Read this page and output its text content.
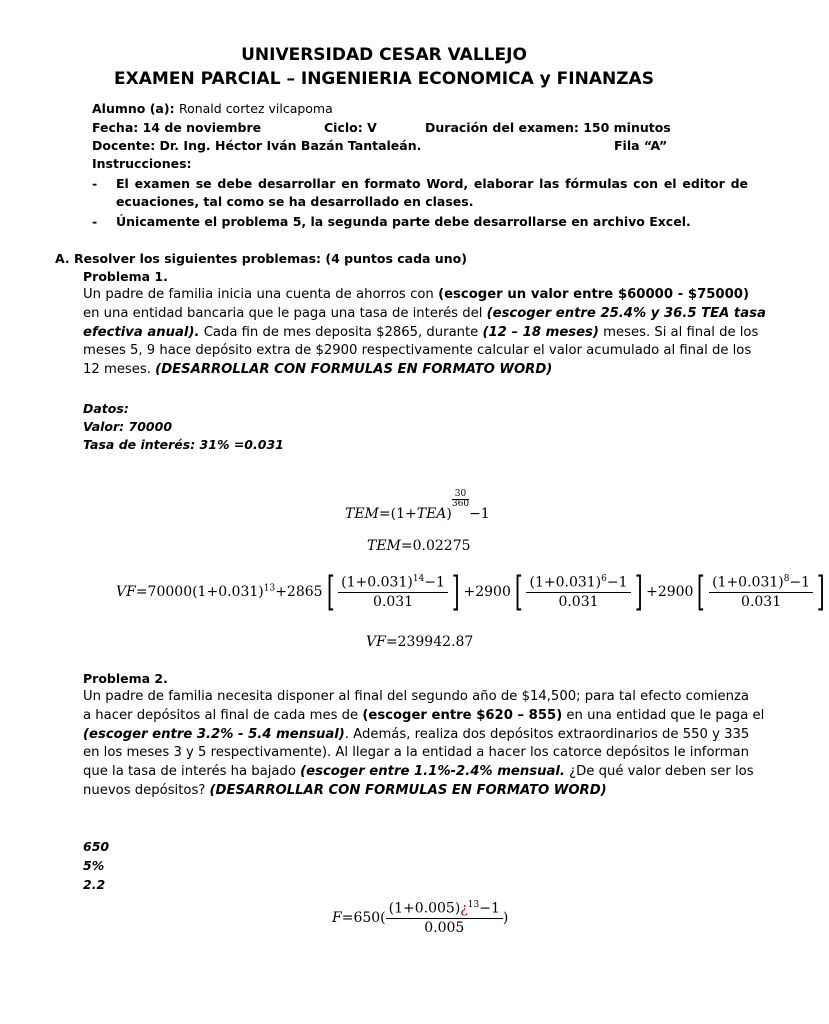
UNIVERSIDAD CESAR VALLEJO
EXAMEN PARCIAL – INGENIERIA ECONOMICA y FINANZAS
Alumno (a): Ronald cortez vilcapoma
Fecha: 14 de noviembre	Ciclo: V	Duración del examen: 150 minutos
Docente: Dr. Ing. Héctor Iván Bazán Tantaleán.	Fila “A”
Instrucciones:
- El examen se debe desarrollar en formato Word, elaborar las fórmulas con el editor de
ecuaciones, tal como se ha desarrollado en clases.
- Únicamente el problema 5, la segunda parte debe desarrollarse en archivo Excel.
A. Resolver los siguientes problemas: (4 puntos cada uno)
Problema 1.
Un padre de familia inicia una cuenta de ahorros con (escoger un valor entre $60000 - $75000)
en una entidad bancaria que le paga una tasa de interés del (escoger entre 25.4% y 36.5 TEA tasa
efectiva anual). Cada fin de mes deposita $2865, durante (12 – 18 meses) meses. Si al final de los
meses 5, 9 hace depósito extra de $2900 respectivamente calcular el valor acumulado al final de los
12 meses. (DESARROLLAR CON FORMULAS EN FORMATO WORD)
Datos:
Valor: 70000
Tasa de interés: 31% =0.031
TEM=(1+TEA)
$\frac{30}{360}$
−1
TEM=0.02275
$VF=70000(1+0.031)^{13}+2865[ \frac{(1+0.031)^{14}-1}{0.031}$ ] $+2900[ \frac{(1+0.031)^6-1}{0.031}$ ] $+2900[ \frac{(1+0.031)^8-1}{0.031}$ ]
VF=239942.87
Problema 2.
Un padre de familia necesita disponer al final del segundo año de $14,500; para tal efecto comienza
a hacer depósitos al final de cada mes de (escoger entre $620 – 855) en una entidad que le paga el
(escoger entre 3.2% - 5.4 mensual). Además, realiza dos depósitos extraordinarios de 550 y 335
en los meses 3 y 5 respectivamente). Al llegar a la entidad a hacer los catorce depósitos le informan
que la tasa de interés ha bajado (escoger entre 1.1%-2.4% mensual. ¿De qué valor deben ser los
nuevos depósitos? (DESARROLLAR CON FORMULAS EN FORMATO WORD)
650
5%
2.2
$F=650( \frac{(1+0.005)¿^{13}-1}{0.005}$ )
